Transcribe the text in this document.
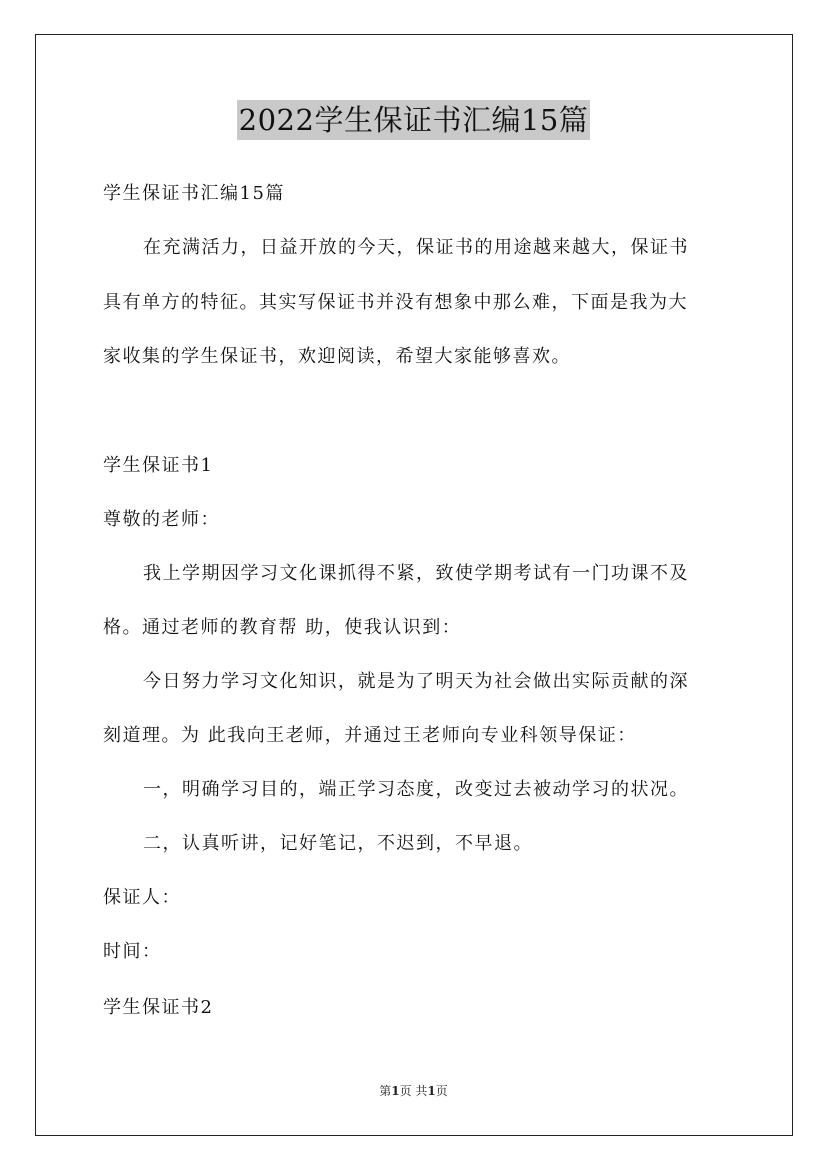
2022学生保证书汇编15篇
学生保证书汇编15篇
在充满活力，日益开放的今天，保证书的用途越来越大，保证书
具有单方的特征。其实写保证书并没有想象中那么难，下面是我为大
家收集的学生保证书，欢迎阅读，希望大家能够喜欢。
学生保证书1
尊敬的老师：
我上学期因学习文化课抓得不紧，致使学期考试有一门功课不及
格。通过老师的教育帮 助，使我认识到：
今日努力学习文化知识，就是为了明天为社会做出实际贡献的深
刻道理。为 此我向王老师，并通过王老师向专业科领导保证：
一，明确学习目的，端正学习态度，改变过去被动学习的状况。
二，认真听讲，记好笔记，不迟到，不早退。
保证人：
时间：
学生保证书2
第1页 共1页
